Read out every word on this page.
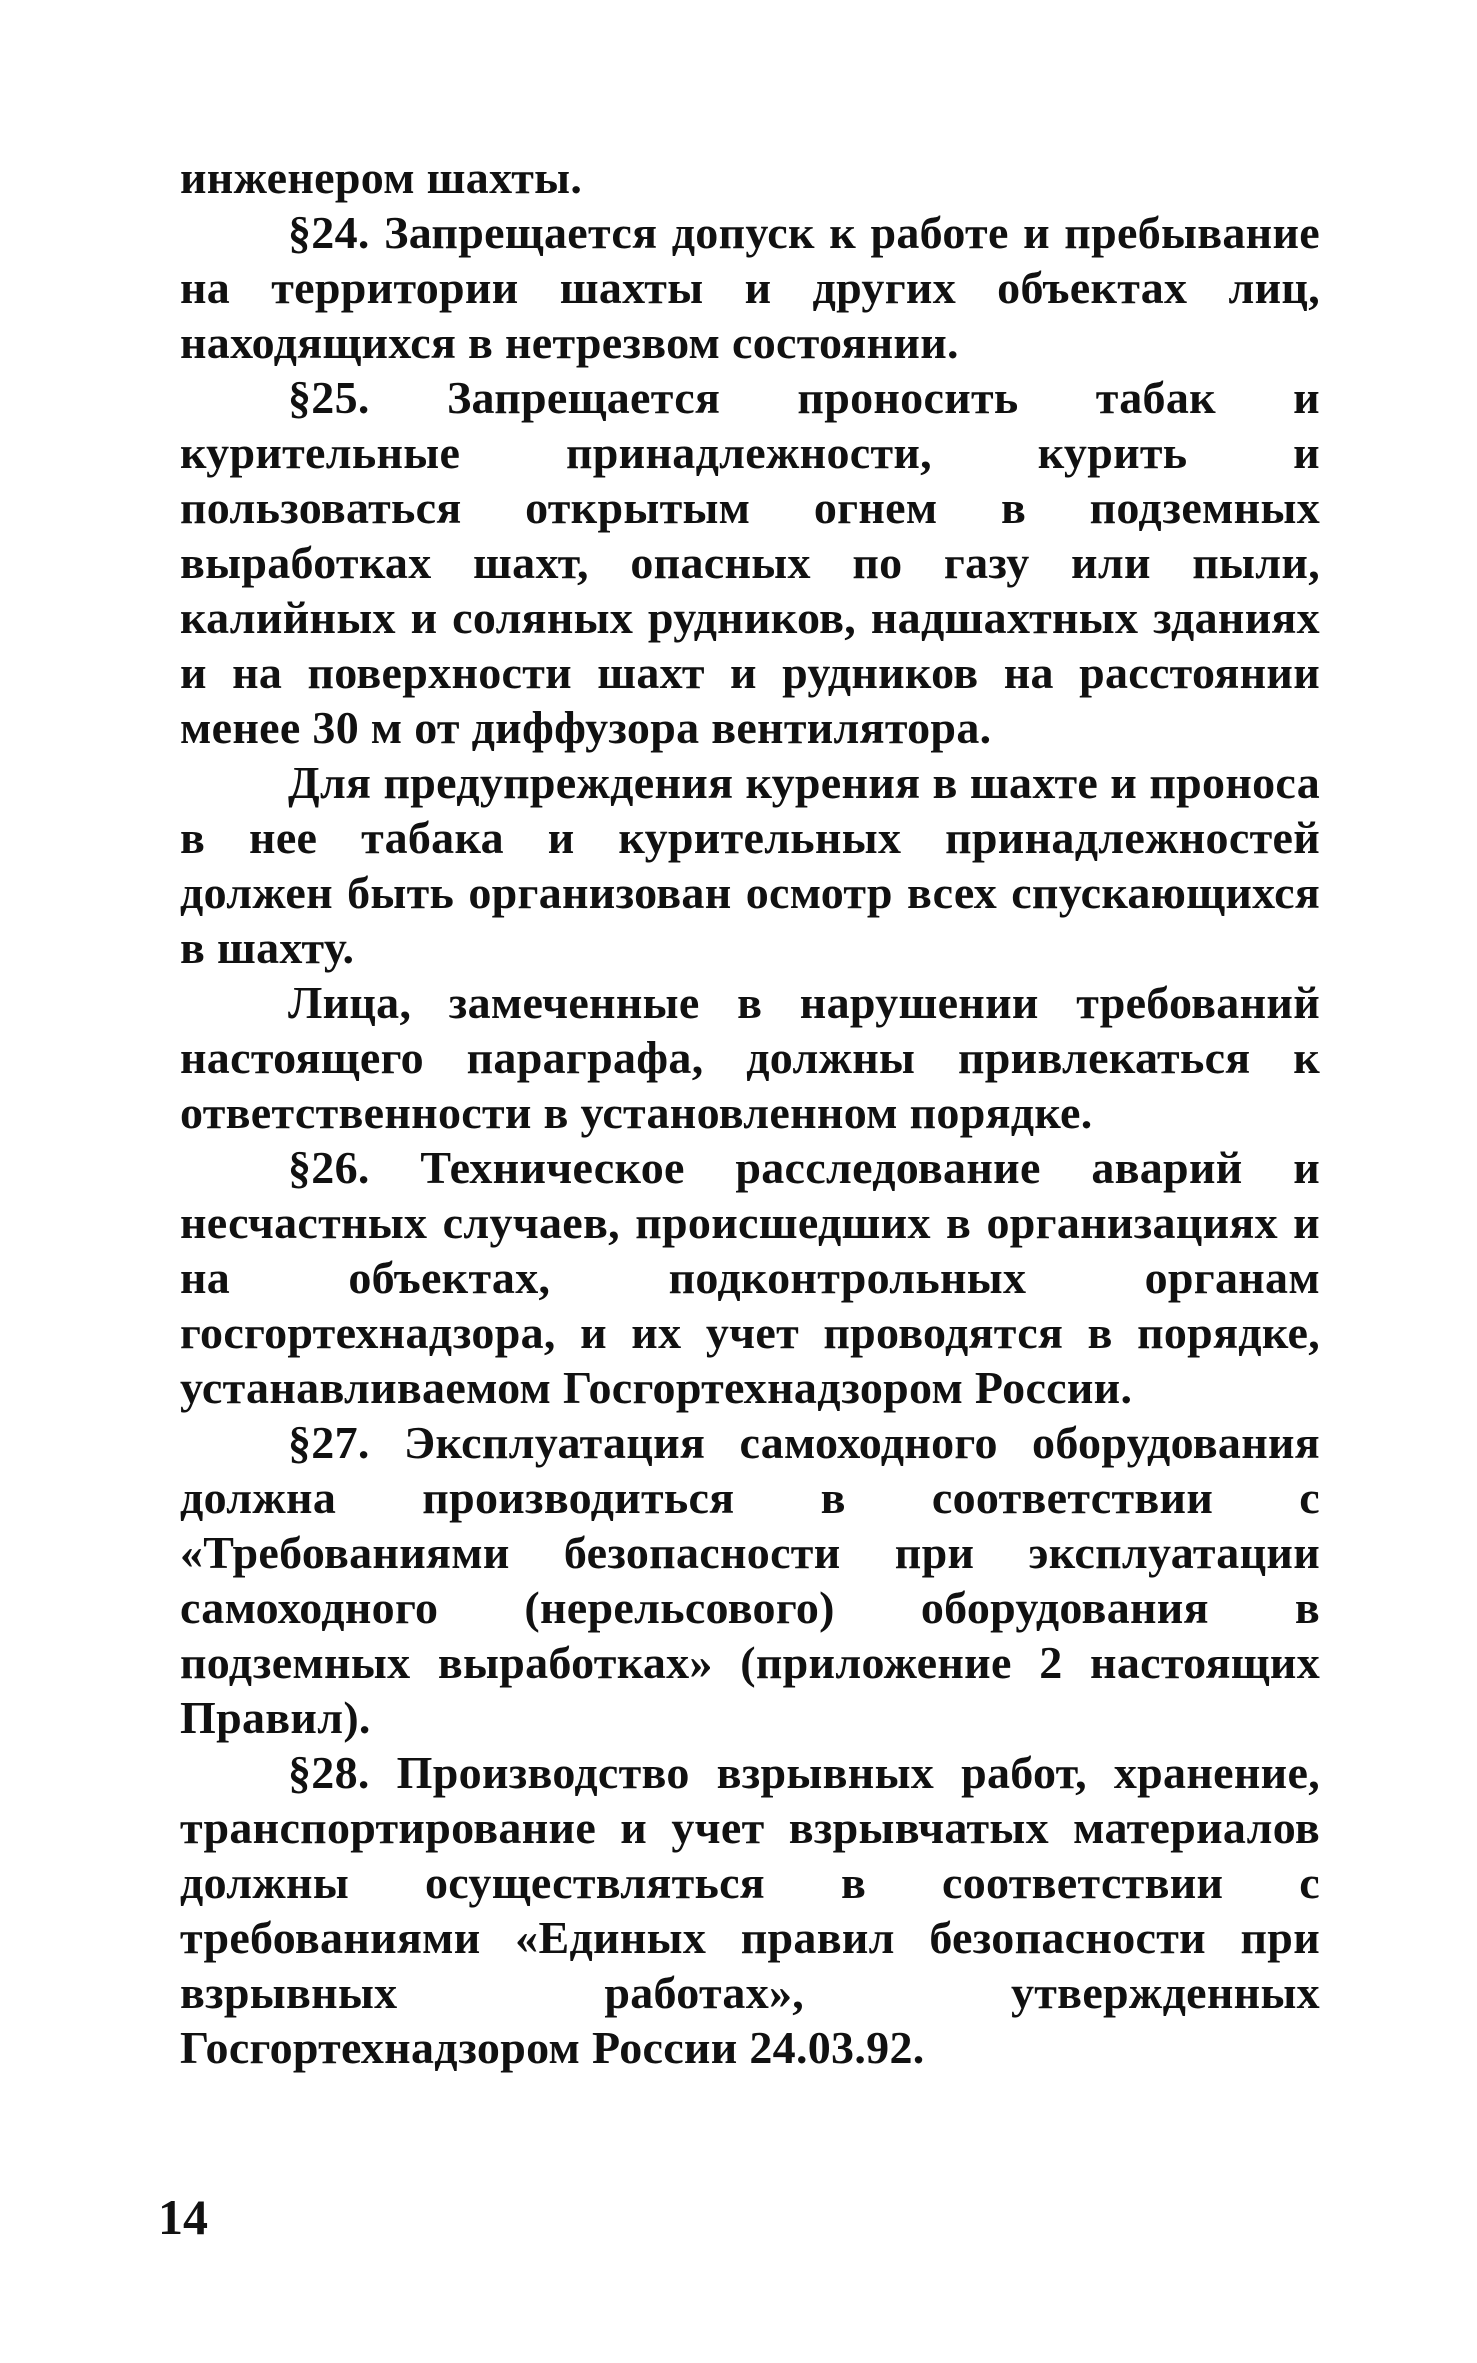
инженером шахты.

§24. Запрещается допуск к работе и пребывание на территории шахты и других объектах лиц, находящихся в нетрезвом состоянии.

§25. Запрещается проносить табак и курительные принадлежности, курить и пользоваться открытым огнем в подземных выработках шахт, опасных по газу или пыли, калийных и соляных рудников, надшахтных зданиях и на поверхности шахт и рудников на расстоянии менее 30 м от диффузора вентилятора.

Для предупреждения курения в шахте и проноса в нее табака и курительных принадлежностей должен быть организован осмотр всех спускающихся в шахту.

Лица, замеченные в нарушении требований настоящего параграфа, должны привлекаться к ответственности в установленном порядке.

§26. Техническое расследование аварий и несчастных случаев, происшедших в организациях и на объектах, подконтрольных органам госгортехнадзора, и их учет проводятся в порядке, устанавливаемом Госгортехнадзором России.

§27. Эксплуатация самоходного оборудования должна производиться в соответствии с «Требованиями безопасности при эксплуатации самоходного (нерельсового) оборудования в подземных выработках» (приложение 2 настоящих Правил).

§28. Производство взрывных работ, хранение, транспортирование и учет взрывчатых материалов должны осуществляться в соответствии с требованиями «Единых правил безопасности при взрывных работах», утвержденных Госгортехнадзором России 24.03.92.

14
